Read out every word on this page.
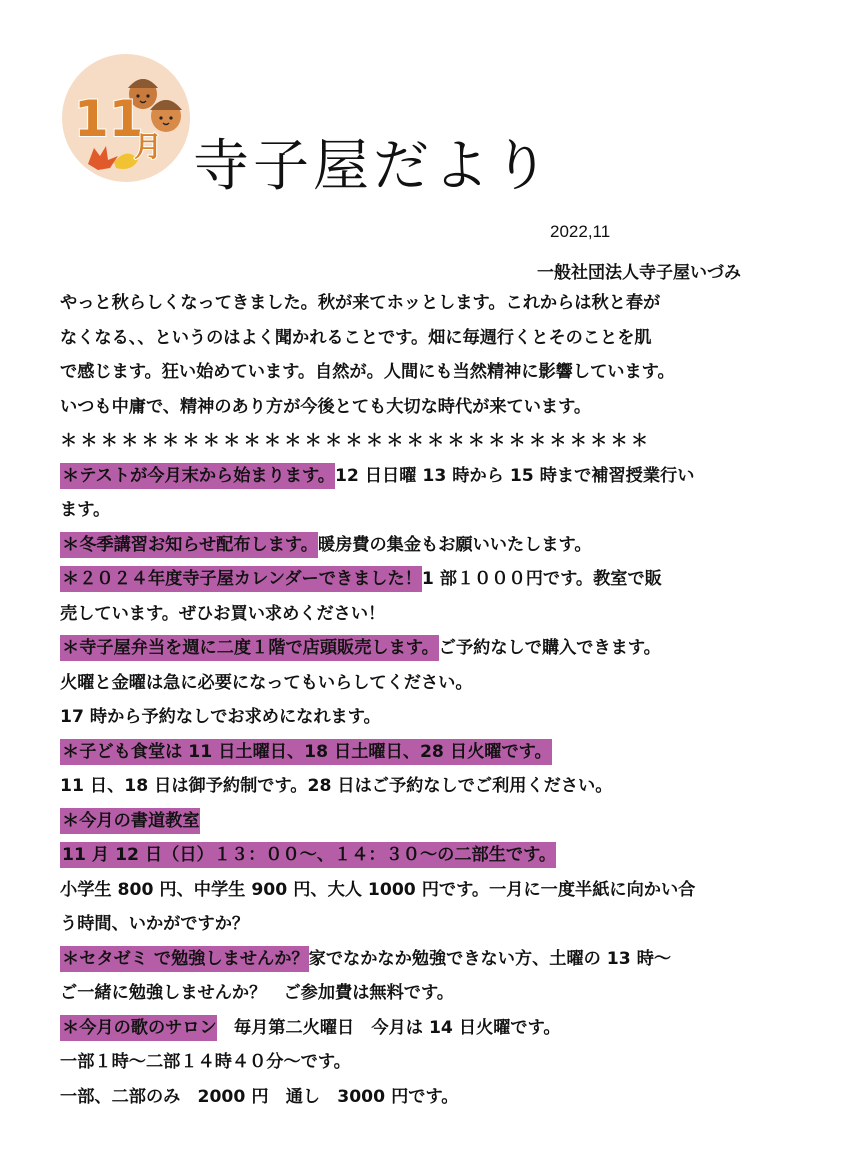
11
月 寺子屋だより
2022,11
一般社団法人寺子屋いづみ
やっと秋らしくなってきました。秋が来てホッとします。これからは秋と春が
なくなる、、というのはよく聞かれることです。畑に毎週行くとそのことを肌
で感じます。狂い始めています。自然が。人間にも当然精神に影響しています。
いつも中庸で、精神のあり方が今後とても大切な時代が来ています。
＊＊＊＊＊＊＊＊＊＊＊＊＊＊＊＊＊＊＊＊＊＊＊＊＊＊＊＊＊
＊テストが今月末から始まります。12 日日曜 13 時から 15 時まで補習授業行い
ます。
＊冬季講習お知らせ配布します。暖房費の集金もお願いいたします。
＊２０２４年度寺子屋カレンダーできました！1 部１０００円です。教室で販
売しています。ぜひお買い求めください！
＊寺子屋弁当を週に二度１階で店頭販売します。ご予約なしで購入できます。
火曜と金曜は急に必要になってもいらしてください。
17 時から予約なしでお求めになれます。
＊子ども食堂は 11 日土曜日、18 日土曜日、28 日火曜です。
11 日、18 日は御予約制です。28 日はご予約なしでご利用ください。
＊今月の書道教室
11 月 12 日（日）１３：００～、１４：３０～の二部生です。
小学生 800 円、中学生 900 円、大人 1000 円です。一月に一度半紙に向かい合
う時間、いかがですか？
＊セタゼミ で勉強しませんか？家でなかなか勉強できない方、土曜の 13 時～
ご一緒に勉強しませんか？　ご参加費は無料です。
＊今月の歌のサロン　毎月第二火曜日　今月は 14 日火曜です。
一部１時～二部１４時４０分～です。
一部、二部のみ　2000 円　通し　3000 円です。
